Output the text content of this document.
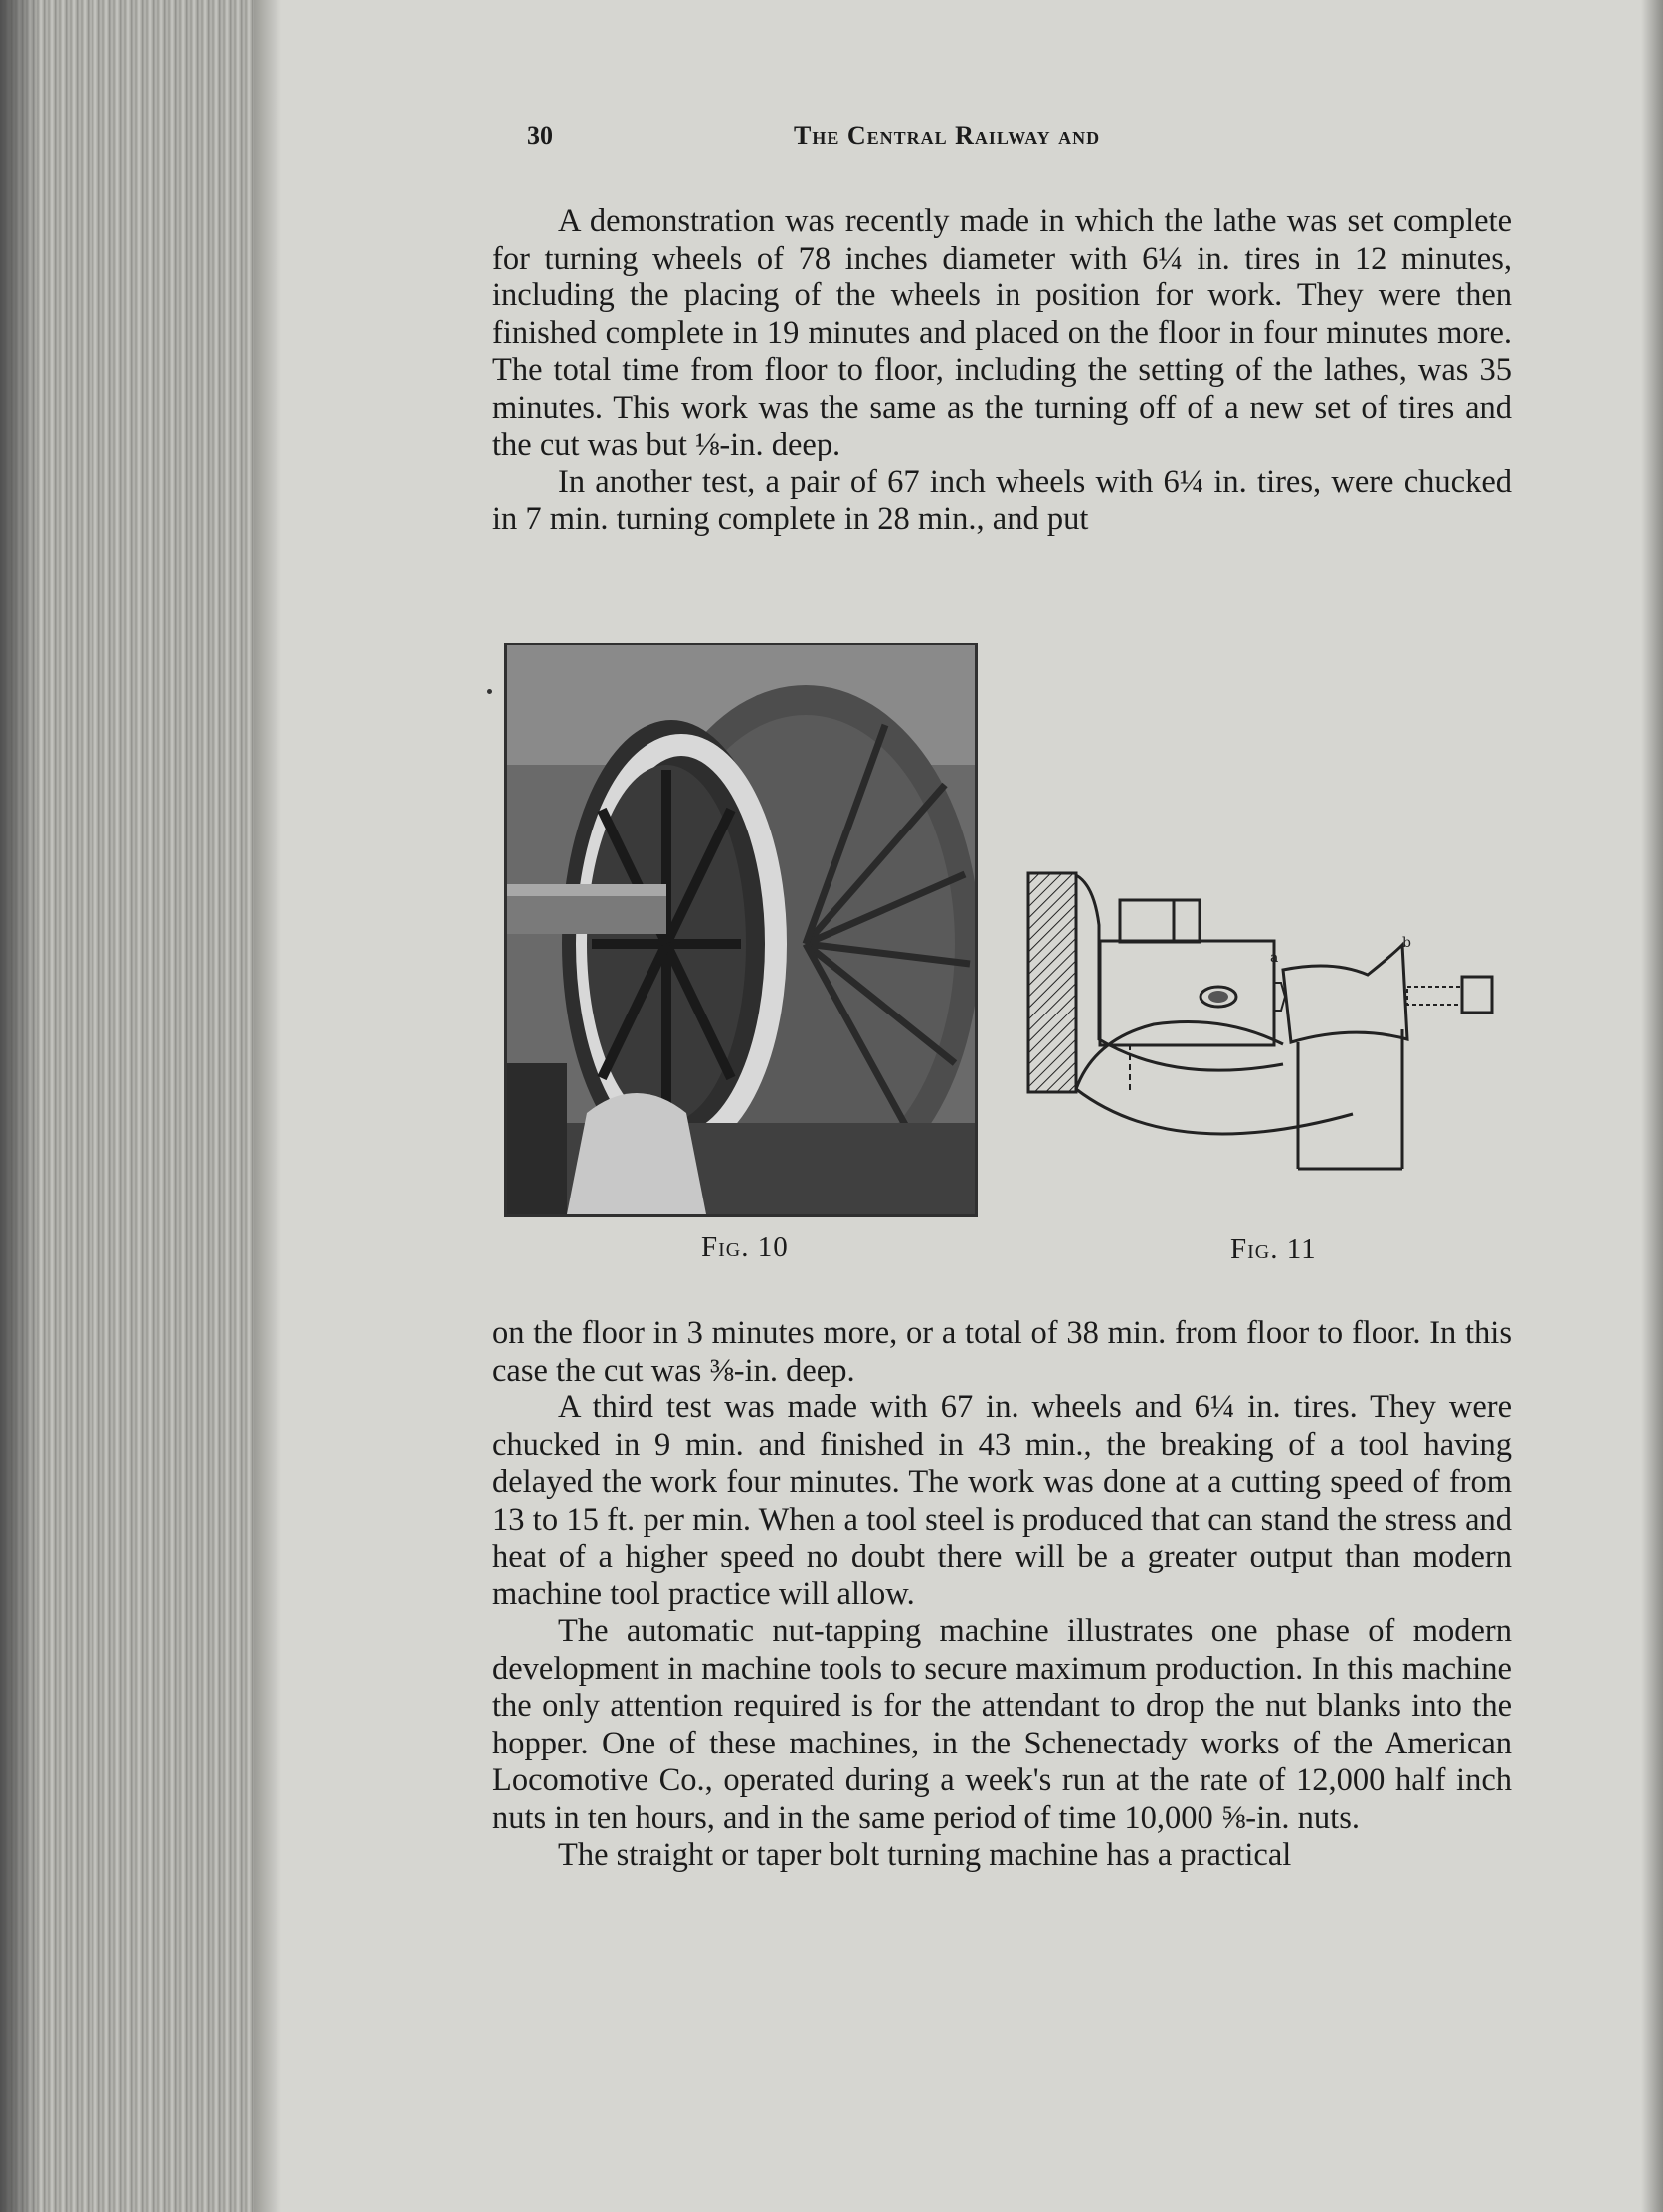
30	The Central Railway and

A demonstration was recently made in which the lathe was set complete for turning wheels of 78 inches diameter with 6¼ in. tires in 12 minutes, including the placing of the wheels in position for work. They were then finished complete in 19 minutes and placed on the floor in four minutes more. The total time from floor to floor, including the setting of the lathes, was 35 minutes. This work was the same as the turning off of a new set of tires and the cut was but ⅛-in. deep.

In another test, a pair of 67 inch wheels with 6¼ in. tires, were chucked in 7 min. turning complete in 28 min., and put

a
b
Fig. 10	Fig. 11

on the floor in 3 minutes more, or a total of 38 min. from floor to floor. In this case the cut was ⅜-in. deep.

A third test was made with 67 in. wheels and 6¼ in. tires. They were chucked in 9 min. and finished in 43 min., the breaking of a tool having delayed the work four minutes. The work was done at a cutting speed of from 13 to 15 ft. per min. When a tool steel is produced that can stand the stress and heat of a higher speed no doubt there will be a greater output than modern machine tool practice will allow.

The automatic nut-tapping machine illustrates one phase of modern development in machine tools to secure maximum production. In this machine the only attention required is for the attendant to drop the nut blanks into the hopper. One of these machines, in the Schenectady works of the American Locomotive Co., operated during a week's run at the rate of 12,000 half inch nuts in ten hours, and in the same period of time 10,000 ⅝-in. nuts.

The straight or taper bolt turning machine has a practical
